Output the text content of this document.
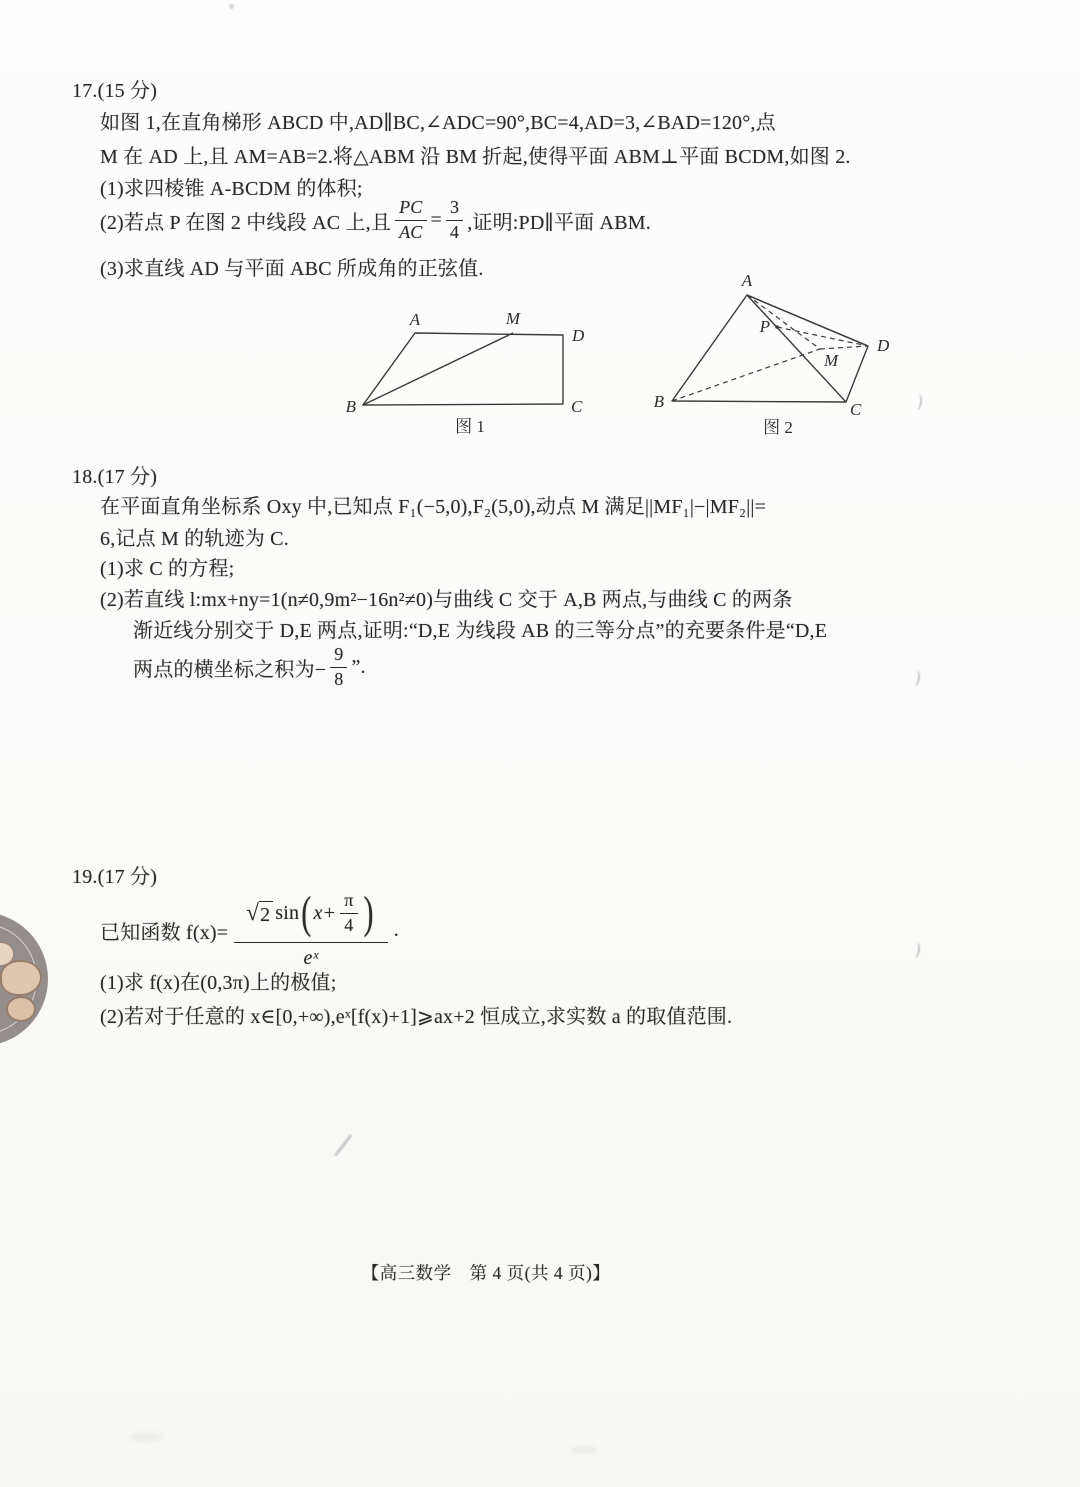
17.(15 分)
如图 1,在直角梯形 ABCD 中,AD∥BC,∠ADC=90°,BC=4,AD=3,∠BAD=120°,点
M 在 AD 上,且 AM=AB=2.将△ABM 沿 BM 折起,使得平面 ABM⊥平面 BCDM,如图 2.
(1)求四棱锥 A-BCDM 的体积;
(2)若点 P 在图 2 中线段 AC 上,且 $\frac{PC}{AC} = \frac{3}{4}$ ,证明:PD∥平面 ABM.
(3)求直线 AD 与平面 ABC 所成角的正弦值.
A	M
D
B	C
图 1
A
P
D
M
B	C
图 2
18.(17 分)
在平面直角坐标系 Oxy 中,已知点 F₁(−5,0),F₂(5,0),动点 M 满足||MF₁|−|MF₂||=
6,记点 M 的轨迹为 C.
(1)求 C 的方程;
(2)若直线 l:mx+ny=1(n≠0,9m²−16n²≠0)与曲线 C 交于 A,B 两点,与曲线 C 的两条
渐近线分别交于 D,E 两点,证明:“D,E 为线段 AB 的三等分点”的充要条件是“D,E
两点的横坐标之积为− $\frac{9}{8}$ ”.
19.(17 分)
已知函数 f(x)=
√ 2 sin ( $x+ \frac{\pi}{4}$ )
eˣ
.
(1)求 f(x)在(0,3π)上的极值;
(2)若对于任意的 x∈[0,+∞),eˣ[f(x)+1]⩾ax+2 恒成立,求实数 a 的取值范围.
【高三数学　第 4 页(共 4 页)】
